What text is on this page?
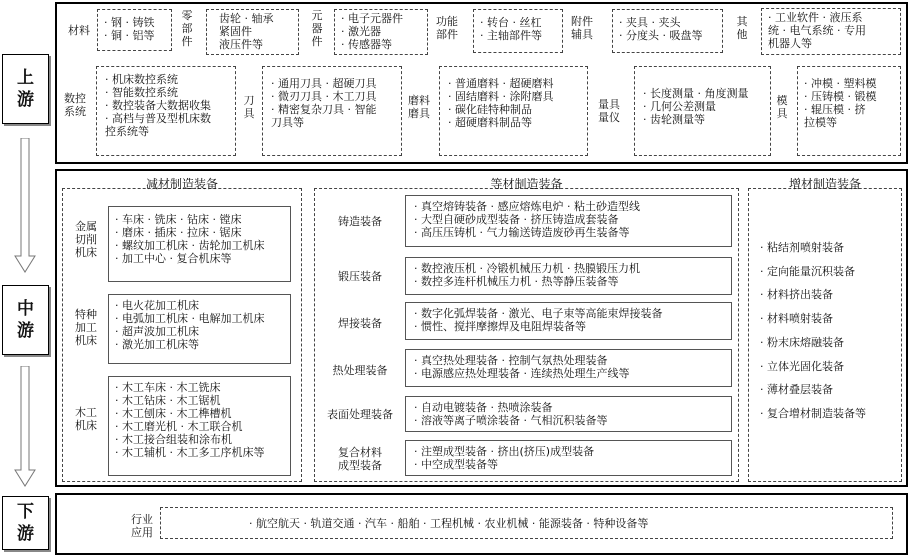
上
游
中
游
下
游
材料
· 钢 · 铸铁
· 铜 · 铝等
零
部
件
齿轮 · 轴承
紧固件
液压件等
元
器
件
· 电子元器件
· 激光器
· 传感器等
功能
部件
· 转台 · 丝杠
· 主轴部件等
附件
辅具
· 夹具 · 夹头
· 分度头 · 吸盘等
其
他
· 工业软件 · 液压系
统 · 电气系统 · 专用
机器人等
数控
系统
· 机床数控系统
· 智能数控系统
· 数控装备大数据收集
· 高档与普及型机床数
控系统等
刀
具
· 通用刀具 · 超硬刀具
· 微刃刀具 · 木工刀具
· 精密复杂刀具 · 智能
刀具等
磨料
磨具
· 普通磨料 · 超硬磨料
· 固结磨料 · 涂附磨具
· 碳化硅特种制品
· 超硬磨料制品等
量具
量仪
· 长度测量 · 角度测量
· 几何公差测量
· 齿轮测量等
模
具
· 冲模 · 塑料模
· 压铸模 · 锻模
· 辊压模 · 挤
拉模等
减材制造装备
金属
切削
机床
· 车床 · 铣床 · 钻床 · 镗床
· 磨床 · 插床 · 拉床 · 锯床
· 螺纹加工机床 · 齿轮加工机床
· 加工中心 · 复合机床等
特种
加工
机床
· 电火花加工机床
· 电弧加工机床 · 电解加工机床
· 超声波加工机床
· 激光加工机床等
木工
机床
· 木工车床 · 木工铣床
· 木工钻床 · 木工锯机
· 木工刨床 · 木工榫槽机
· 木工磨光机 · 木工联合机
· 木工接合组装和涂布机
· 木工辅机 · 木工多工序机床等
等材制造装备
铸造装备
· 真空熔铸装备 · 感应熔炼电炉 · 粘土砂造型线
· 大型自硬砂成型装备 · 挤压铸造成套装备
· 高压压铸机 · 气力输送铸造废砂再生装备等
锻压装备
· 数控液压机 · 冷锻机械压力机 · 热膜锻压力机
· 数控多连杆机械压力机 · 热等静压装备等
焊接装备
· 数字化弧焊装备 · 激光、电子束等高能束焊接装备
· 惯性、搅拌摩擦焊及电阻焊装备等
热处理装备
· 真空热处理装备 · 控制气氛热处理装备
· 电源感应热处理装备 · 连续热处理生产线等
表面处理装备
· 自动电镀装备 · 热喷涂装备
· 溶液等离子喷涂装备 · 气相沉积装备等
复合材料
成型装备
· 注塑成型装备 · 挤出(挤压)成型装备
· 中空成型装备等
增材制造装备
· 粘结剂喷射装备
· 定向能量沉积装备
· 材料挤出装备
· 材料喷射装备
· 粉末床熔融装备
· 立体光固化装备
· 薄材叠层装备
· 复合增材制造装备等
行业
应用
· 航空航天 · 轨道交通 · 汽车 · 船舶 · 工程机械 · 农业机械 · 能源装备 · 特种设备等
